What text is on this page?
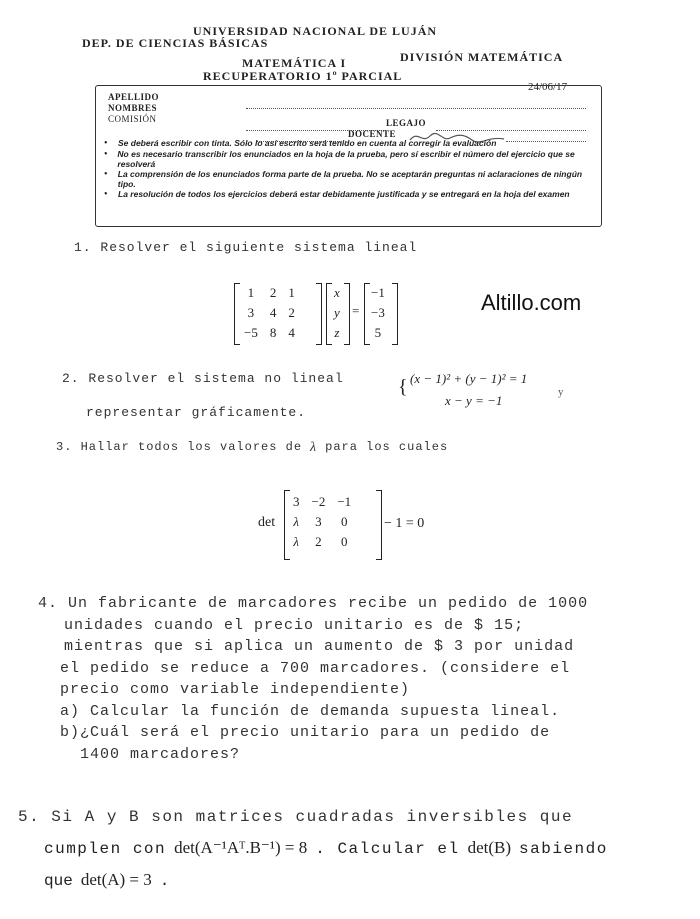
UNIVERSIDAD NACIONAL DE LUJÁN
DEP. DE CIENCIAS BÁSICAS
DIVISIÓN MATEMÁTICA
MATEMÁTICA I
RECUPERATORIO 1º PARCIAL
24/06/17
APELLIDO
NOMBRES
COMISIÓN	LEGAJO
DOCENTE
•	Se deberá escribir con tinta. Sólo lo así escrito será tenido en cuenta al corregir la evaluación
•	No es necesario transcribir los enunciados en la hoja de la prueba, pero sí escribir el número del ejercicio que se resolverá
•	La comprensión de los enunciados forma parte de la prueba. No se aceptarán preguntas ni aclaraciones de ningún tipo.
•	La resolución de todos los ejercicios deberá estar debidamente justificada y se entregará en la hoja del examen
1. Resolver el siguiente sistema lineal
1	2	1
3	4	2
−5	8	4
x
y
z
=
−1
−3
5
Altillo.com
2. Resolver el sistema no lineal	{ (x − 1)² + (y − 1)² = 1
x − y = −1
y
representar gráficamente.
3. Hallar todos los valores de λ para los cuales
det
3	−2	−1
λ	3	0
λ	2	0
− 1 = 0
4. Un fabricante de marcadores recibe un pedido de 1000
unidades cuando el precio unitario es de $ 15;
mientras que si aplica un aumento de $ 3 por unidad
el pedido se reduce a 700 marcadores. (considere el
precio como variable independiente)
a) Calcular la función de demanda supuesta lineal.
b)¿Cuál será el precio unitario para un pedido de
1400 marcadores?
5. Si A y B son matrices cuadradas inversibles que
cumplen con det(A⁻¹Aᵀ.B⁻¹) = 8 . Calcular el det(B) sabiendo
que det(A) = 3 .
